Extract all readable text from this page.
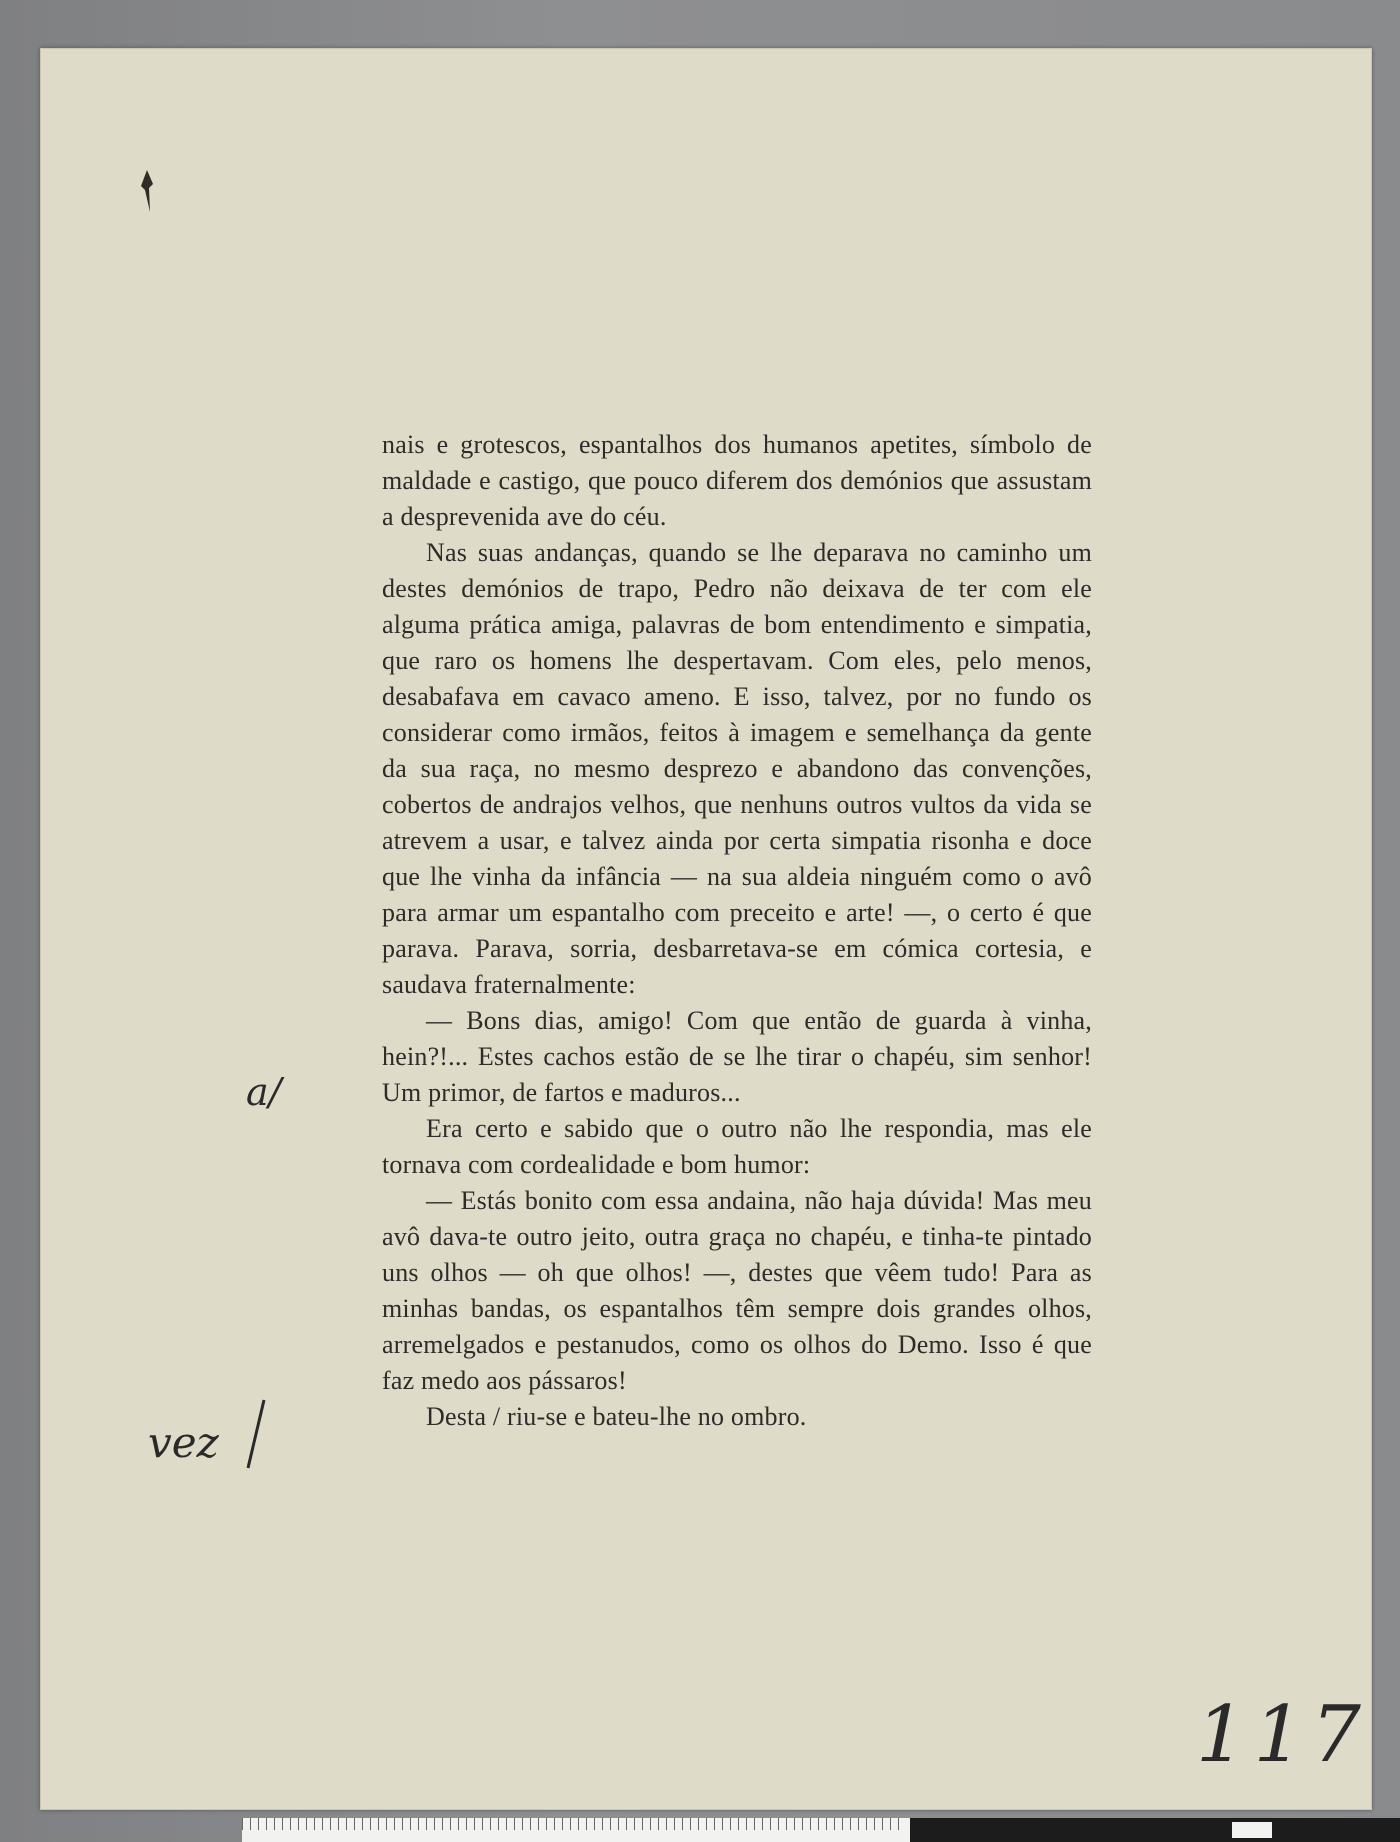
nais e grotescos, espantalhos dos humanos apetites, símbolo de maldade e castigo, que pouco diferem dos demónios que assustam a desprevenida ave do céu.

Nas suas andanças, quando se lhe deparava no caminho um destes demónios de trapo, Pedro não deixava de ter com ele alguma prática amiga, palavras de bom entendimento e simpatia, que raro os homens lhe despertavam. Com eles, pelo menos, desabafava em cavaco ameno. E isso, talvez, por no fundo os considerar como irmãos, feitos à imagem e semelhança da gente da sua raça, no mesmo desprezo e abandono das convenções, cobertos de andrajos velhos, que nenhuns outros vultos da vida se atrevem a usar, e talvez ainda por certa simpatia risonha e doce que lhe vinha da infância — na sua aldeia ninguém como o avô para armar um espantalho com preceito e arte! —, o certo é que parava. Parava, sorria, desbarretava-se em cómica cortesia, e saudava fraternalmente:

— Bons dias, amigo! Com que então de guarda à vinha, hein?!... Estes cachos estão de se lhe tirar o chapéu, sim senhor! Um primor, de fartos e maduros...

Era certo e sabido que o outro não lhe respondia, mas ele tornava com cordealidade e bom humor:

— Estás bonito com essa andaina, não haja dúvida! Mas meu avô dava-te outro jeito, outra graça no chapéu, e tinha-te pintado uns olhos — oh que olhos! —, destes que vêem tudo! Para as minhas bandas, os espantalhos têm sempre dois grandes olhos, arremelgados e pestanudos, como os olhos do Demo. Isso é que faz medo aos pássaros!

Desta / riu-se e bateu-lhe no ombro.

a/
vez
117
